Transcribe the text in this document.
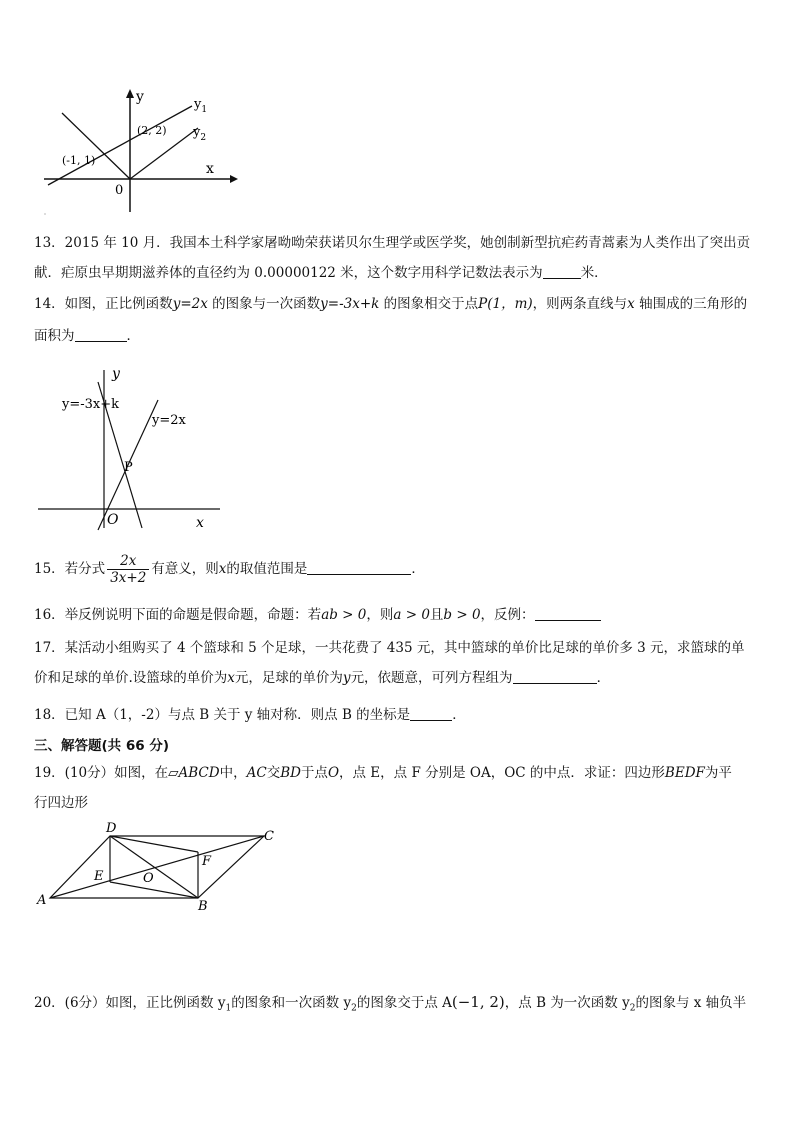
y
x
$y_1$
$y_2$
(2, 2)
(-1, 1)
0
13．2015 年 10 月．我国本土科学家屠呦呦荣获诺贝尔生理学或医学奖，她创制新型抗疟药青蒿素为人类作出了突出贡
献．疟原虫早期期滋养体的直径约为 0.00000122 米，这个数字用科学记数法表示为	米．
14．如图，正比例函数y=2x 的图象与一次函数y=-3x+k 的图象相交于点P(1，m)，则两条直线与x 轴围成的三角形的
面积为	．
y
x
O
P
y=-3x+k
y=2x
15．若分式 $\frac{2x}{3x+2}$ 有意义，则x的取值范围是	．
16．举反例说明下面的命题是假命题，命题：若ab > 0，则a > 0且b > 0，反例：
17．某活动小组购买了 4 个篮球和 5 个足球，一共花费了 435 元，其中篮球的单价比足球的单价多 3 元，求篮球的单
价和足球的单价.设篮球的单价为x元，足球的单价为y元，依题意，可列方程组为	．
18．已知 A（1，-2）与点 B 关于 y 轴对称．则点 B 的坐标是	．
三、解答题(共 66 分)
19．(10分）如图，在▱ABCD中，AC交BD于点O，点 E，点 F 分别是 OA，OC 的中点．求证：四边形BEDF为平
行四边形
A	B
C
D
E
F
O
20．(6分）如图，正比例函数 $y_1$的图象和一次函数 $y_2$的图象交于点 A(−1, 2)，点 B 为一次函数 $y_2$的图象与 x 轴负半
